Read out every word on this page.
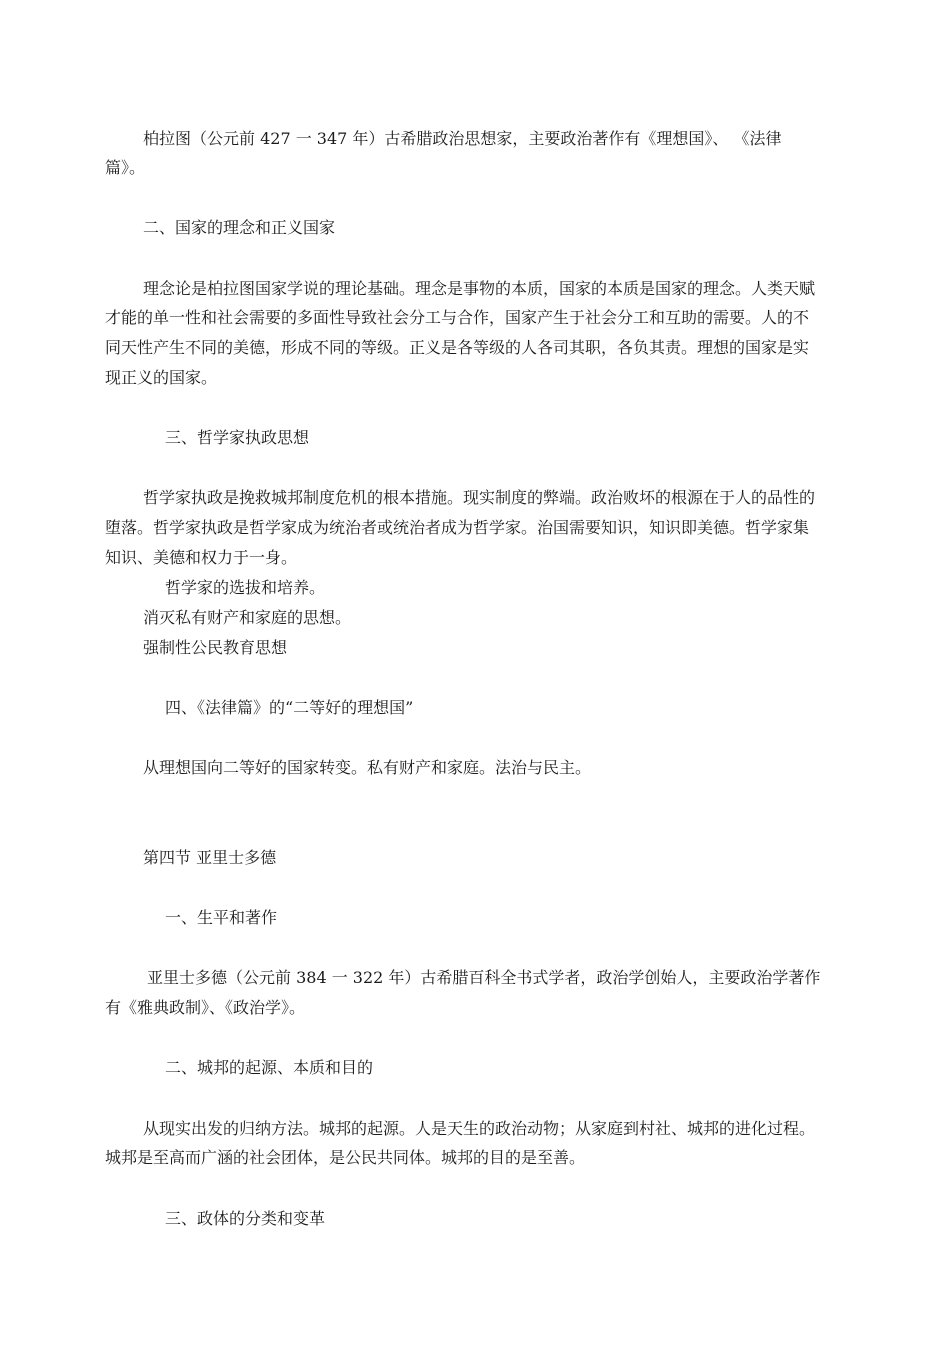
柏拉图（公元前 427 一 347 年）古希腊政治思想家，主要政治著作有《理想国》、 《法律
篇》。
二、国家的理念和正义国家
理念论是柏拉图国家学说的理论基础。理念是事物的本质，国家的本质是国家的理念。人类天赋
才能的单一性和社会需要的多面性导致社会分工与合作，国家产生于社会分工和互助的需要。人的不
同天性产生不同的美德，形成不同的等级。正义是各等级的人各司其职，各负其责。理想的国家是实
现正义的国家。
三、哲学家执政思想
哲学家执政是挽救城邦制度危机的根本措施。现实制度的弊端。政治败坏的根源在于人的品性的
堕落。哲学家执政是哲学家成为统治者或统治者成为哲学家。治国需要知识，知识即美德。哲学家集
知识、美德和权力于一身。
哲学家的选拔和培养。
消灭私有财产和家庭的思想。
强制性公民教育思想
四、《法律篇》的“二等好的理想国”
从理想国向二等好的国家转变。私有财产和家庭。法治与民主。
第四节 亚里士多德
一、生平和著作
亚里士多德（公元前 384 一 322 年）古希腊百科全书式学者，政治学创始人，主要政治学著作
有《雅典政制》、《政治学》。
二、城邦的起源、本质和目的
从现实出发的归纳方法。城邦的起源。人是天生的政治动物；从家庭到村社、城邦的进化过程。
城邦是至高而广涵的社会团体，是公民共同体。城邦的目的是至善。
三、政体的分类和变革
